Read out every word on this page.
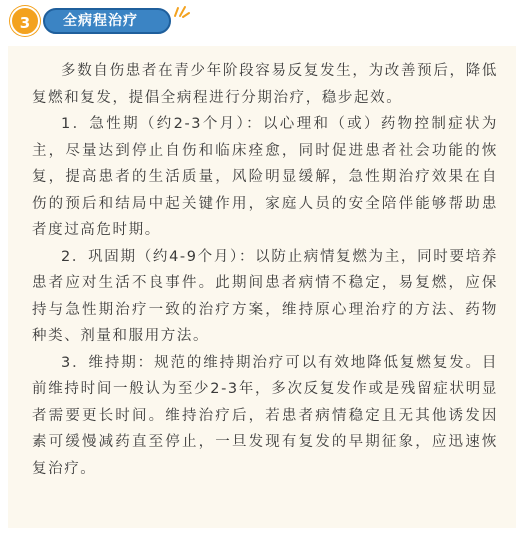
3	全病程治疗

多数自伤患者在青少年阶段容易反复发生，为改善预后，降低复燃和复发，提倡全病程进行分期治疗，稳步起效。

1．急性期（约2-3个月）：以心理和（或）药物控制症状为主，尽量达到停止自伤和临床痊愈，同时促进患者社会功能的恢复，提高患者的生活质量，风险明显缓解，急性期治疗效果在自伤的预后和结局中起关键作用，家庭人员的安全陪伴能够帮助患者度过高危时期。

2．巩固期（约4-9个月）：以防止病情复燃为主，同时要培养患者应对生活不良事件。此期间患者病情不稳定，易复燃，应保持与急性期治疗一致的治疗方案，维持原心理治疗的方法、药物种类、剂量和服用方法。

3．维持期：规范的维持期治疗可以有效地降低复燃复发。目前维持时间一般认为至少2-3年，多次反复发作或是残留症状明显者需要更长时间。维持治疗后，若患者病情稳定且无其他诱发因素可缓慢减药直至停止，一旦发现有复发的早期征象，应迅速恢复治疗。
